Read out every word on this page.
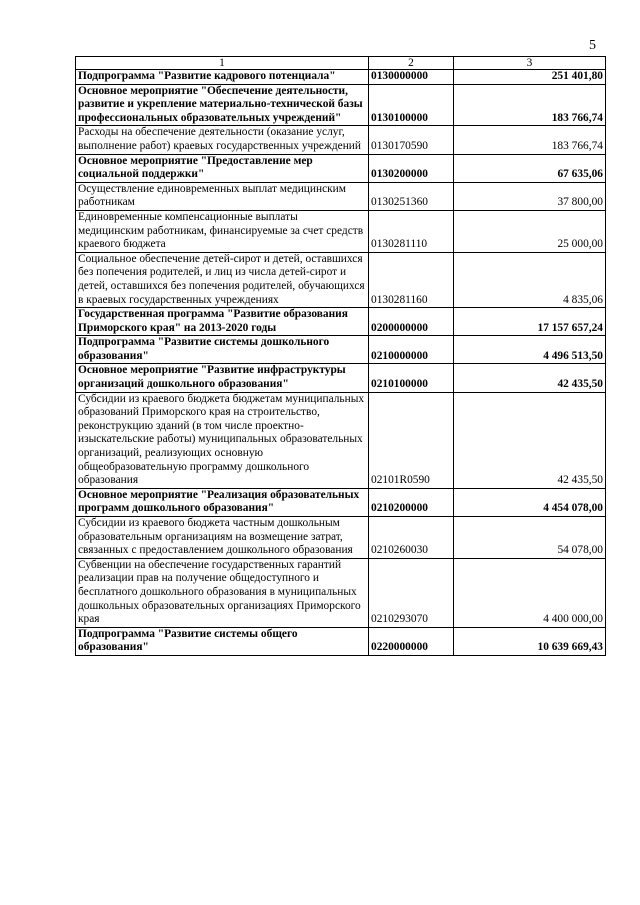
5
1	2	3
Подпрограмма "Развитие кадрового потенциала"	0130000000	251 401,80
Основное мероприятие "Обеспечение деятельности, развитие и укрепление материально-технической базы профессиональных образовательных учреждений"	0130100000	183 766,74
Расходы на обеспечение деятельности (оказание услуг, выполнение работ) краевых государственных учреждений	0130170590	183 766,74
Основное мероприятие "Предоставление мер социальной поддержки"	0130200000	67 635,06
Осуществление единовременных выплат медицинским работникам	0130251360	37 800,00
Единовременные компенсационные выплаты медицинским работникам, финансируемые за счет средств краевого бюджета	0130281110	25 000,00
Социальное обеспечение детей-сирот и детей, оставшихся без попечения родителей, и лиц из числа детей-сирот и детей, оставшихся без попечения родителей, обучающихся в краевых государственных учреждениях	0130281160	4 835,06
Государственная программа "Развитие образования Приморского края" на 2013-2020 годы	0200000000	17 157 657,24
Подпрограмма "Развитие системы дошкольного образования"	0210000000	4 496 513,50
Основное мероприятие "Развитие инфраструктуры организаций дошкольного образования"	0210100000	42 435,50
Субсидии из краевого бюджета бюджетам муниципальных образований Приморского края на строительство, реконструкцию зданий (в том числе проектно-изыскательские работы) муниципальных образовательных организаций, реализующих основную общеобразовательную программу дошкольного образования	02101R0590	42 435,50
Основное мероприятие "Реализация образовательных программ дошкольного образования"	0210200000	4 454 078,00
Субсидии из краевого бюджета частным дошкольным образовательным организациям на возмещение затрат, связанных с предоставлением дошкольного образования	0210260030	54 078,00
Субвенции на обеспечение государственных гарантий реализации прав на получение общедоступного и бесплатного дошкольного образования в муниципальных дошкольных образовательных организациях Приморского края	0210293070	4 400 000,00
Подпрограмма "Развитие системы общего образования"	0220000000	10 639 669,43
